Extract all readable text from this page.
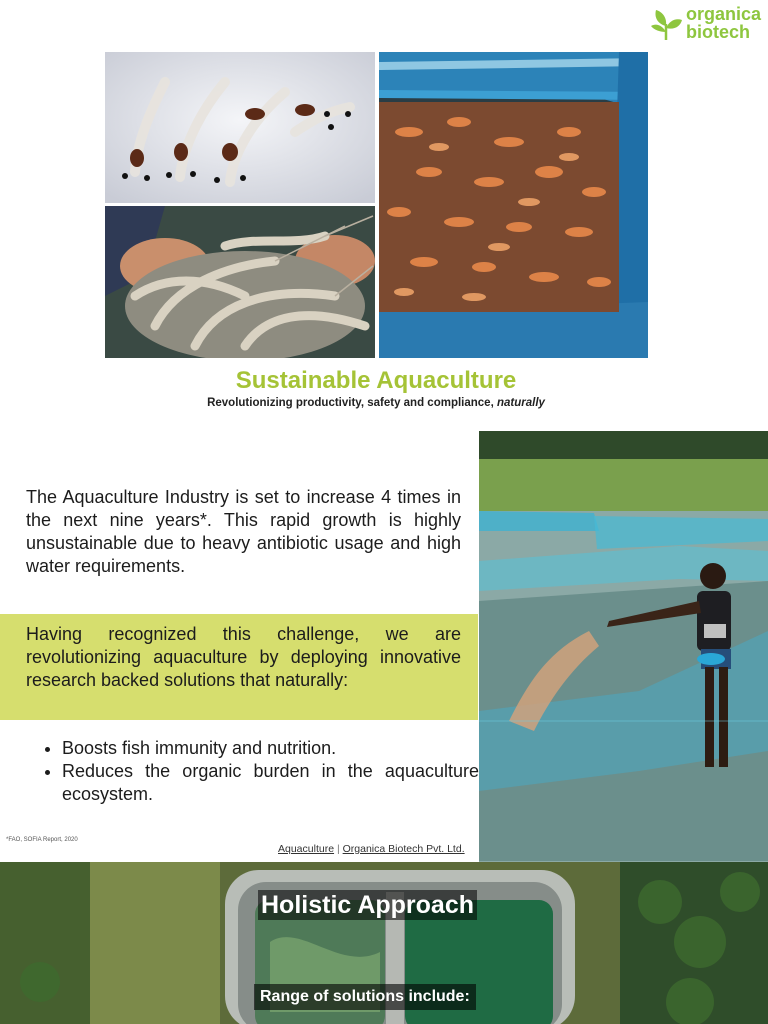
organica
biotech
Sustainable Aquaculture
Revolutionizing productivity, safety and compliance, naturally
The Aquaculture Industry is set to increase 4 times in the next nine years*. This rapid growth is highly unsustainable due to heavy antibiotic usage and high water requirements.
Having recognized this challenge, we are revolutionizing aquaculture by deploying innovative research backed solutions that naturally:
• Boosts fish immunity and nutrition.
• Reduces the organic burden in the aquaculture ecosystem.
*FAO, SOFIA Report, 2020
Aquaculture | Organica Biotech Pvt. Ltd.
Holistic Approach
Range of solutions include:
